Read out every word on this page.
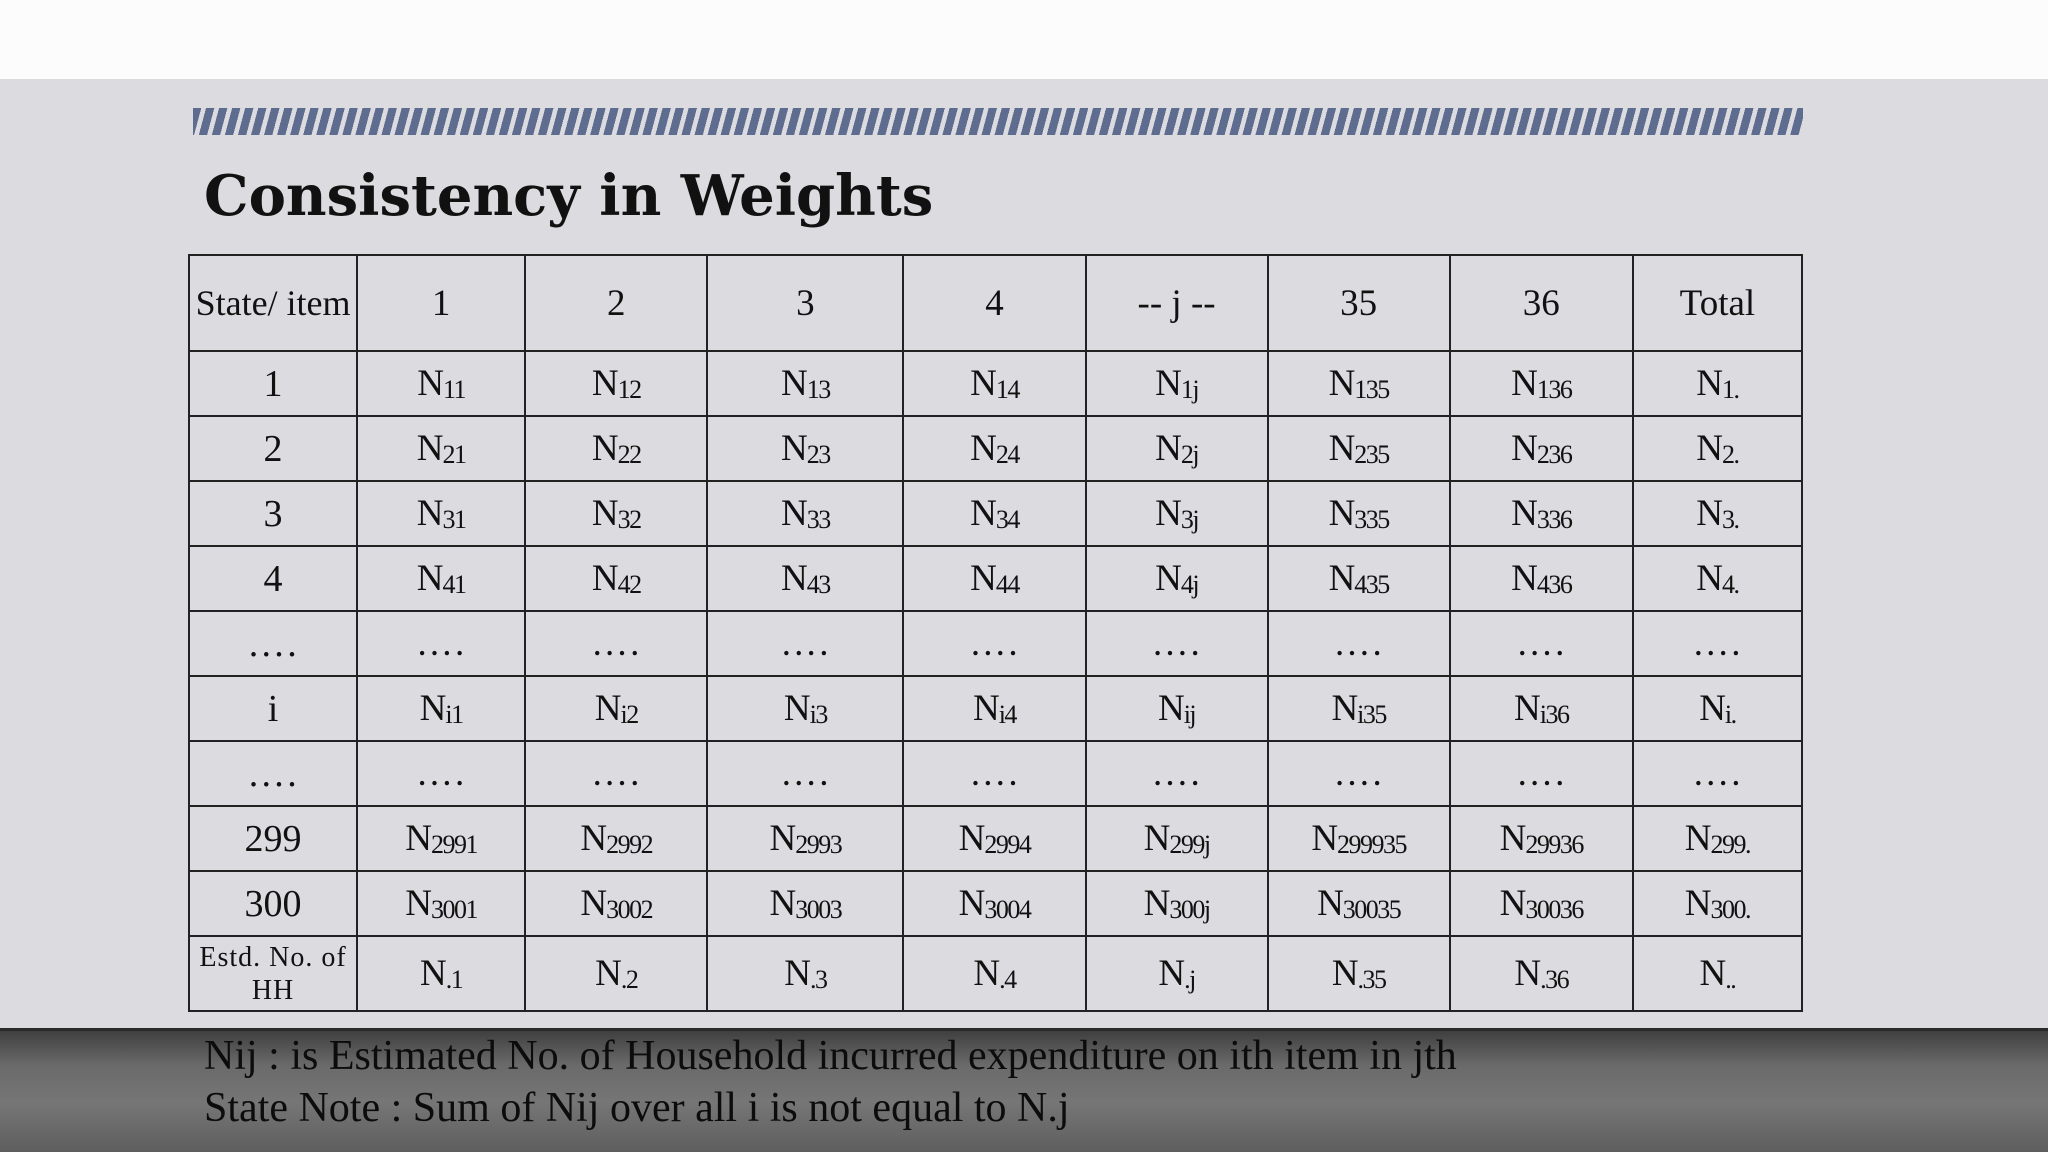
Consistency in Weights
State/ item	1	2	3	4	-- j --	35	36	Total
1	N11	N12	N13	N14	N1j	N135	N136	N1.
2	N21	N22	N23	N24	N2j	N235	N236	N2.
3	N31	N32	N33	N34	N3j	N335	N336	N3.
4	N41	N42	N43	N44	N4j	N435	N436	N4.
….	….	….	….	….	….	….	….	….
i	Ni1	Ni2	Ni3	Ni4	Nij	Ni35	Ni36	Ni.
….	….	….	….	….	….	….	….	….
299	N2991	N2992	N2993	N2994	N299j	N299935	N29936	N299.
300	N3001	N3002	N3003	N3004	N300j	N30035	N30036	N300.
Estd. No. of HH	N.1	N.2	N.3	N.4	N.j	N.35	N.36	N..

Nij : is Estimated No. of Household incurred expenditure on ith item in jth

State Note : Sum of Nij over all i is not equal to N.j
